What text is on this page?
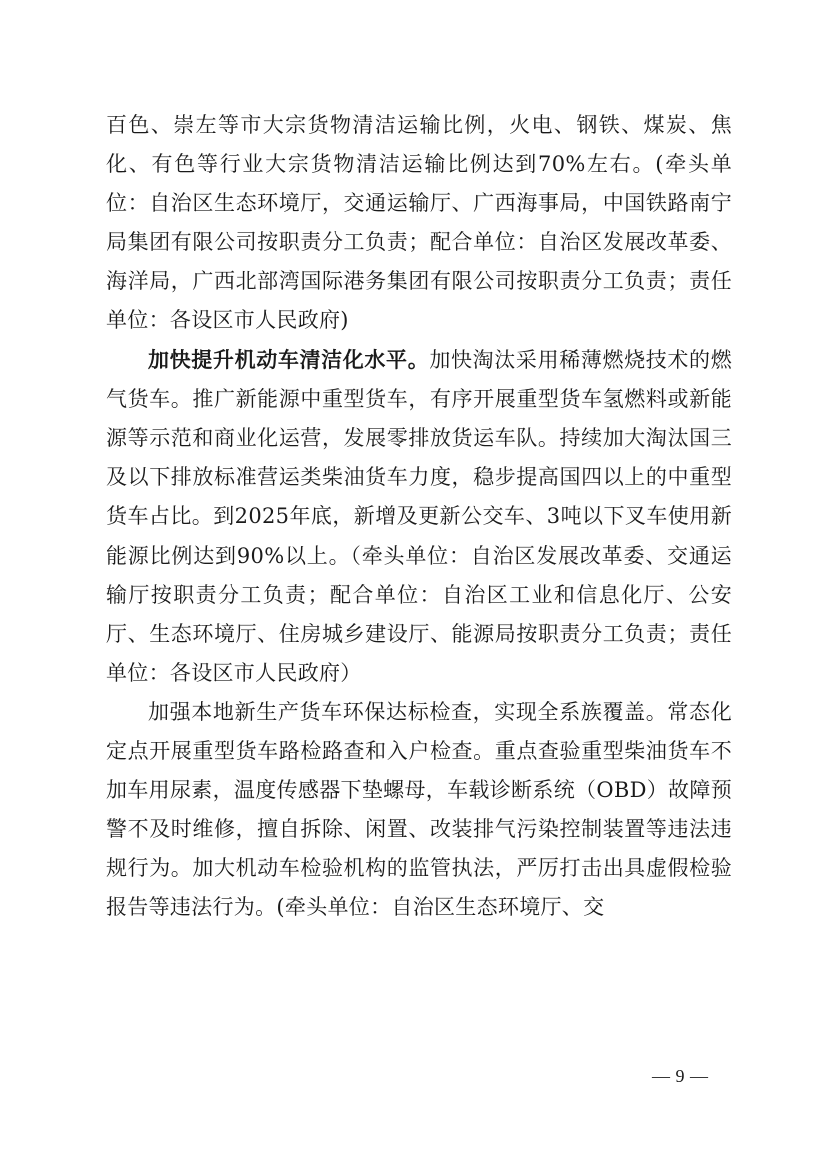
百色、崇左等市大宗货物清洁运输比例，火电、钢铁、煤炭、焦化、有色等行业大宗货物清洁运输比例达到70%左右。(牵头单位：自治区生态环境厅，交通运输厅、广西海事局，中国铁路南宁局集团有限公司按职责分工负责；配合单位：自治区发展改革委、海洋局，广西北部湾国际港务集团有限公司按职责分工负责；责任单位：各设区市人民政府)

加快提升机动车清洁化水平。加快淘汰采用稀薄燃烧技术的燃气货车。推广新能源中重型货车，有序开展重型货车氢燃料或新能源等示范和商业化运营，发展零排放货运车队。持续加大淘汰国三及以下排放标准营运类柴油货车力度，稳步提高国四以上的中重型货车占比。到2025年底，新增及更新公交车、3吨以下叉车使用新能源比例达到90%以上。（牵头单位：自治区发展改革委、交通运输厅按职责分工负责；配合单位：自治区工业和信息化厅、公安厅、生态环境厅、住房城乡建设厅、能源局按职责分工负责；责任单位：各设区市人民政府）

加强本地新生产货车环保达标检查，实现全系族覆盖。常态化定点开展重型货车路检路查和入户检查。重点查验重型柴油货车不加车用尿素，温度传感器下垫螺母，车载诊断系统（OBD）故障预警不及时维修，擅自拆除、闲置、改装排气污染控制装置等违法违规行为。加大机动车检验机构的监管执法，严厉打击出具虚假检验报告等违法行为。(牵头单位：自治区生态环境厅、交

— 9 —
